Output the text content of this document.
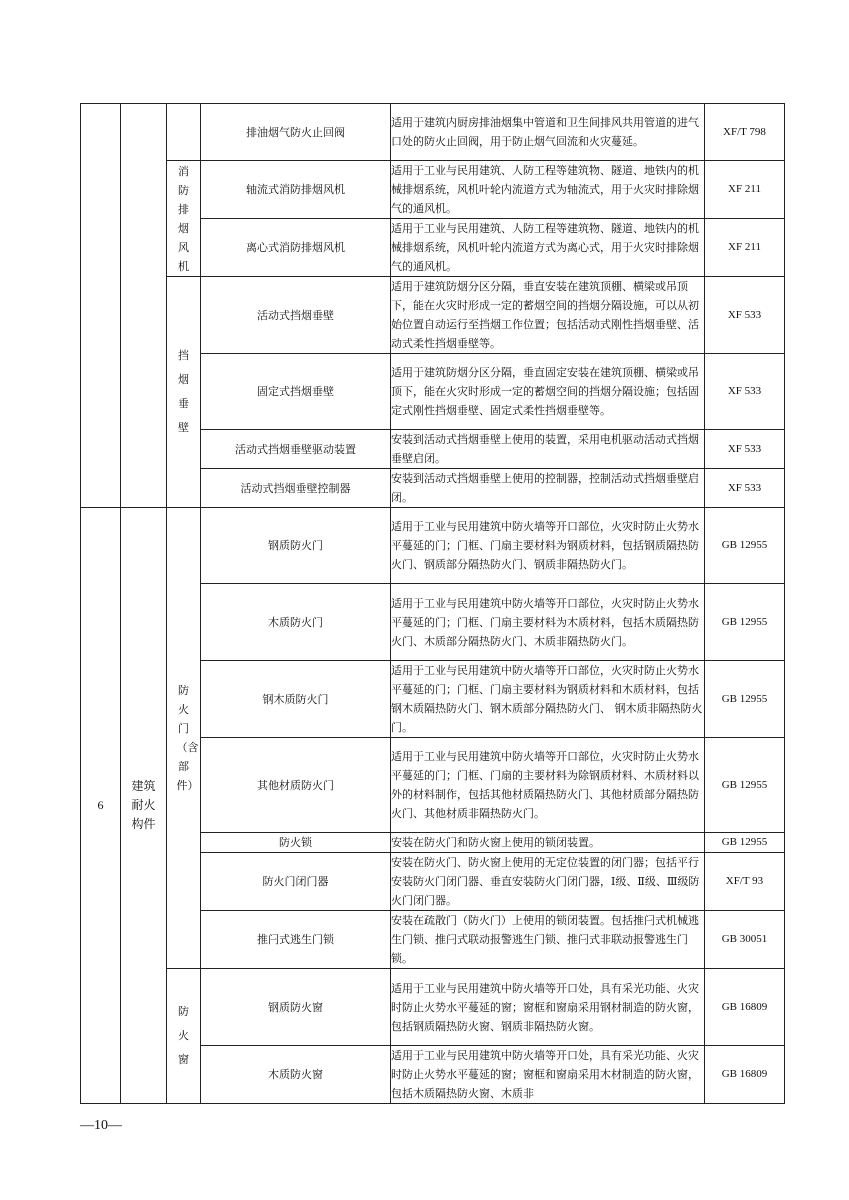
			排油烟气防火止回阀	适用于建筑内厨房排油烟集中管道和卫生间排风共用管道的进气口处的防火止回阀，用于防止烟气回流和火灾蔓延。	XF/T 798
		消防排烟风机	轴流式消防排烟风机	适用于工业与民用建筑、人防工程等建筑物、隧道、地铁内的机械排烟系统，风机叶轮内流道方式为轴流式，用于火灾时排除烟气的通风机。	XF 211
			离心式消防排烟风机	适用于工业与民用建筑、人防工程等建筑物、隧道、地铁内的机械排烟系统，风机叶轮内流道方式为离心式，用于火灾时排除烟气的通风机。	XF 211
		挡烟垂壁	活动式挡烟垂壁	适用于建筑防烟分区分隔，垂直安装在建筑顶棚、横梁或吊顶下，能在火灾时形成一定的蓄烟空间的挡烟分隔设施，可以从初始位置自动运行至挡烟工作位置；包括活动式刚性挡烟垂壁、活动式柔性挡烟垂壁等。	XF 533
			固定式挡烟垂壁	适用于建筑防烟分区分隔，垂直固定安装在建筑顶棚、横梁或吊顶下，能在火灾时形成一定的蓄烟空间的挡烟分隔设施；包括固定式刚性挡烟垂壁、固定式柔性挡烟垂壁等。	XF 533
			活动式挡烟垂壁驱动装置	安装到活动式挡烟垂壁上使用的装置，采用电机驱动活动式挡烟垂壁启闭。	XF 533
			活动式挡烟垂壁控制器	安装到活动式挡烟垂壁上使用的控制器，控制活动式挡烟垂壁启闭。	XF 533
6	建筑耐火构件	防火门（含部件）	钢质防火门	适用于工业与民用建筑中防火墙等开口部位，火灾时防止火势水平蔓延的门；门框、门扇主要材料为钢质材料，包括钢质隔热防火门、钢质部分隔热防火门、钢质非隔热防火门。	GB 12955
			木质防火门	适用于工业与民用建筑中防火墙等开口部位，火灾时防止火势水平蔓延的门；门框、门扇主要材料为木质材料，包括木质隔热防火门、木质部分隔热防火门、木质非隔热防火门。	GB 12955
			钢木质防火门	适用于工业与民用建筑中防火墙等开口部位，火灾时防止火势水平蔓延的门；门框、门扇主要材料为钢质材料和木质材料，包括钢木质隔热防火门、钢木质部分隔热防火门、 钢木质非隔热防火门。	GB 12955
			其他材质防火门	适用于工业与民用建筑中防火墙等开口部位，火灾时防止火势水平蔓延的门；门框、门扇的主要材料为除钢质材料、木质材料以外的材料制作，包括其他材质隔热防火门、其他材质部分隔热防火门、其他材质非隔热防火门。	GB 12955
			防火锁	安装在防火门和防火窗上使用的锁闭装置。	GB 12955
			防火门闭门器	安装在防火门、防火窗上使用的无定位装置的闭门器；包括平行安装防火门闭门器、垂直安装防火门闭门器，Ⅰ级、Ⅱ级、Ⅲ级防火门闭门器。	XF/T 93
			推闩式逃生门锁	安装在疏散门（防火门）上使用的锁闭装置。包括推闩式机械逃生门锁、推闩式联动报警逃生门锁、推闩式非联动报警逃生门锁。	GB 30051
		防火窗	钢质防火窗	适用于工业与民用建筑中防火墙等开口处，具有采光功能、火灾时防止火势水平蔓延的窗；窗框和窗扇采用钢材制造的防火窗，包括钢质隔热防火窗、钢质非隔热防火窗。	GB 16809
			木质防火窗	适用于工业与民用建筑中防火墙等开口处，具有采光功能、火灾时防止火势水平蔓延的窗；窗框和窗扇采用木材制造的防火窗，包括木质隔热防火窗、木质非	GB 16809
—10—
